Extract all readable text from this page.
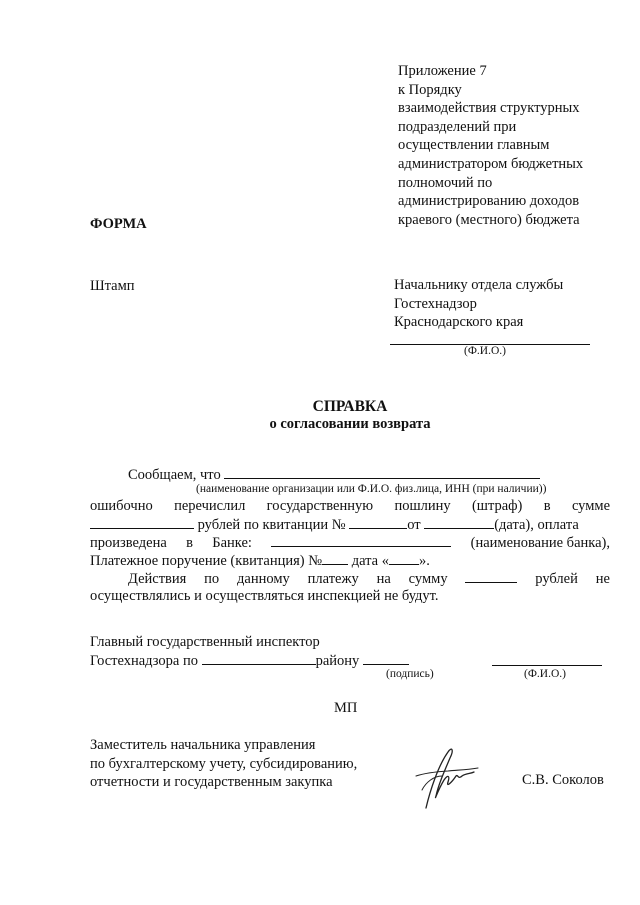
Приложение 7
к Порядку
взаимодействия структурных
подразделений при
осуществлении главным
администратором бюджетных
полномочий по
администрированию доходов
краевого (местного) бюджета
ФОРМА
Штамп	Начальнику отдела службы
Гостехнадзор
Краснодарского края
(Ф.И.О.)
СПРАВКА
о согласовании возврата
Сообщаем, что
(наименование организации или Ф.И.О. физ.лица, ИНН (при наличии))
ошибочно перечислил государственную пошлину (штраф) в сумме
рублей по квитанции №	от	(дата), оплата
произведена в Банке:	(наименование банка),
Платежное поручение (квитанция) № дата « ».
Действия по данному платежу на сумму	рублей не
осуществлялись и осуществляться инспекцией не будут.
Главный государственный инспектор
Гостехнадзора по	району
(подпись)	(Ф.И.О.)
МП
Заместитель начальника управления
по бухгалтерскому учету, субсидированию,
отчетности и государственным закупка	С.В. Соколов
